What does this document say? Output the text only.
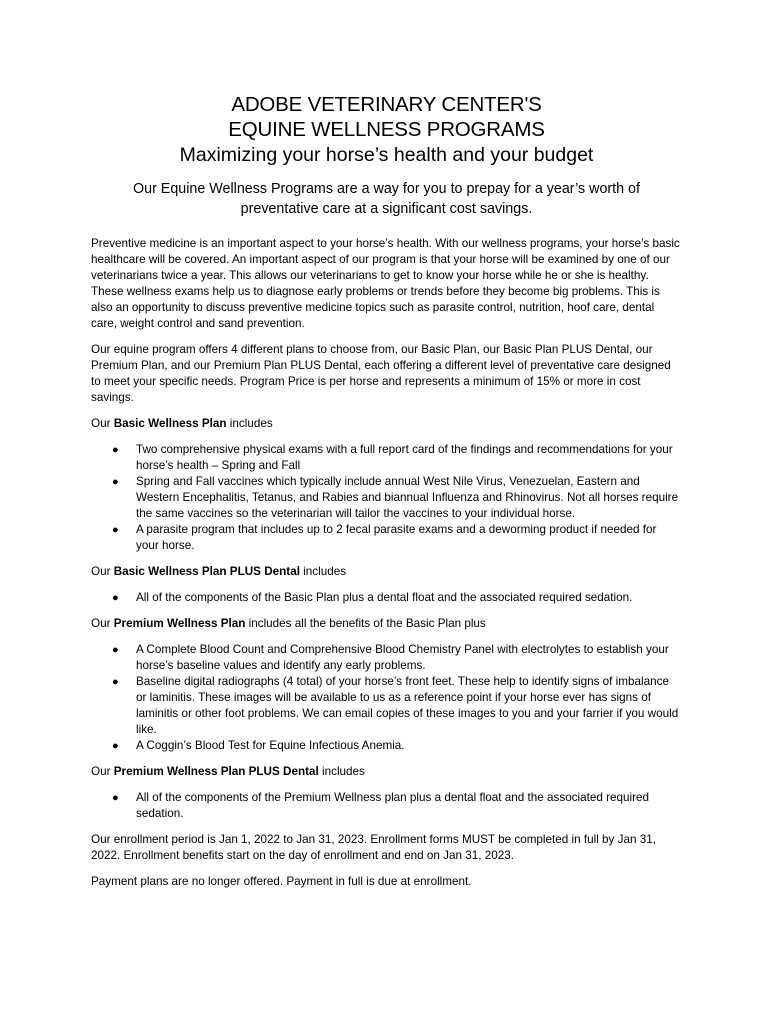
ADOBE VETERINARY CENTER'S
EQUINE WELLNESS PROGRAMS
Maximizing your horse’s health and your budget
Our Equine Wellness Programs are a way for you to prepay for a year’s worth of preventative care at a significant cost savings.

Preventive medicine is an important aspect to your horse’s health. With our wellness programs, your horse’s basic healthcare will be covered. An important aspect of our program is that your horse will be examined by one of our veterinarians twice a year. This allows our veterinarians to get to know your horse while he or she is healthy. These wellness exams help us to diagnose early problems or trends before they become big problems. This is also an opportunity to discuss preventive medicine topics such as parasite control, nutrition, hoof care, dental care, weight control and sand prevention.

Our equine program offers 4 different plans to choose from, our Basic Plan, our Basic Plan PLUS Dental, our Premium Plan, and our Premium Plan PLUS Dental, each offering a different level of preventative care designed to meet your specific needs. Program Price is per horse and represents a minimum of 15% or more in cost savings.

Our Basic Wellness Plan includes

● Two comprehensive physical exams with a full report card of the findings and recommendations for your horse’s health – Spring and Fall
● Spring and Fall vaccines which typically include annual West Nile Virus, Venezuelan, Eastern and Western Encephalitis, Tetanus, and Rabies and biannual Influenza and Rhinovirus. Not all horses require the same vaccines so the veterinarian will tailor the vaccines to your individual horse.
● A parasite program that includes up to 2 fecal parasite exams and a deworming product if needed for your horse.

Our Basic Wellness Plan PLUS Dental includes

● All of the components of the Basic Plan plus a dental float and the associated required sedation.

Our Premium Wellness Plan includes all the benefits of the Basic Plan plus

● A Complete Blood Count and Comprehensive Blood Chemistry Panel with electrolytes to establish your horse’s baseline values and identify any early problems.
● Baseline digital radiographs (4 total) of your horse’s front feet. These help to identify signs of imbalance or laminitis. These images will be available to us as a reference point if your horse ever has signs of laminitis or other foot problems. We can email copies of these images to you and your farrier if you would like.
● A Coggin’s Blood Test for Equine Infectious Anemia.

Our Premium Wellness Plan PLUS Dental includes

● All of the components of the Premium Wellness plan plus a dental float and the associated required sedation.

Our enrollment period is Jan 1, 2022 to Jan 31, 2023. Enrollment forms MUST be completed in full by Jan 31, 2022. Enrollment benefits start on the day of enrollment and end on Jan 31, 2023.

Payment plans are no longer offered. Payment in full is due at enrollment.
